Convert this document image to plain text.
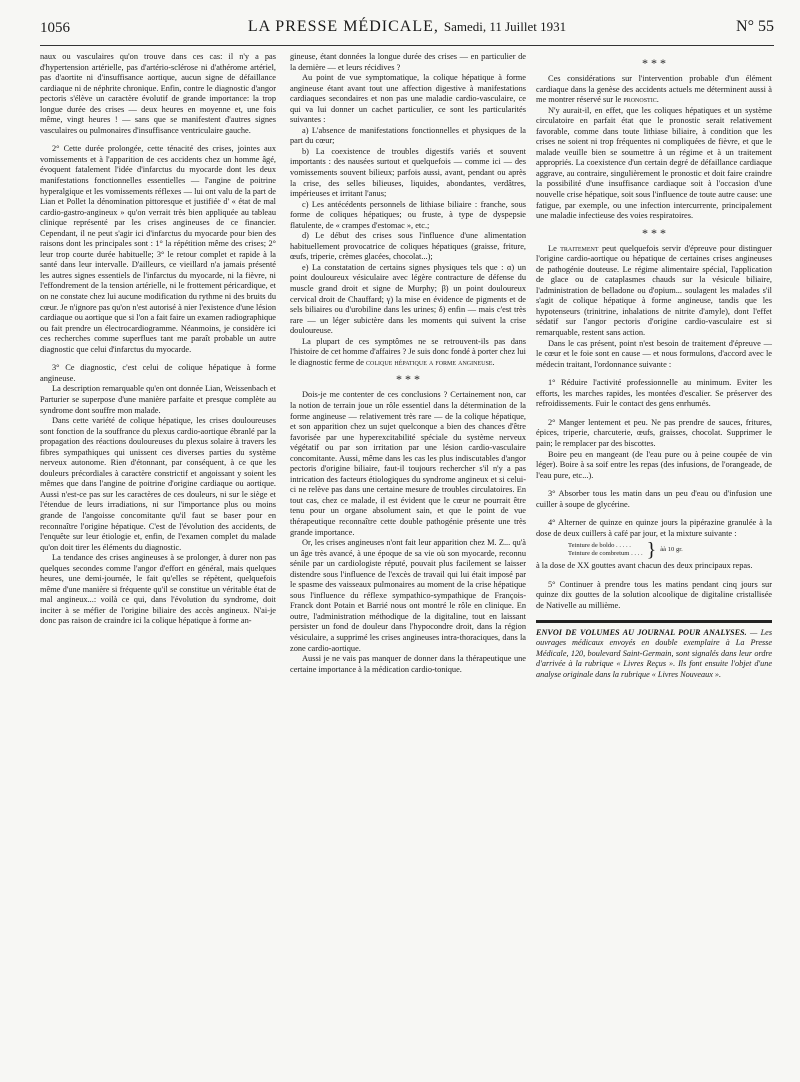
1056	LA PRESSE MÉDICALE, Samedi, 11 Juillet 1931	N° 55

naux ou vasculaires qu'on trouve dans ces cas: il n'y a pas d'hypertension artérielle, pas d'artério-sclérose ni d'athérome artériel, pas d'aortite ni d'insuffisance aortique, aucun signe de défaillance cardiaque ni de néphrite chronique. Enfin, contre le diagnostic d'angor pectoris s'élève un caractère évolutif de grande importance: la trop longue durée des crises — deux heures en moyenne et, une fois même, vingt heures ! — sans que se manifestent d'autres signes vasculaires ou pulmonaires d'insuffisance ventriculaire gauche.

2° Cette durée prolongée, cette ténacité des crises, jointes aux vomissements et à l'apparition de ces accidents chez un homme âgé, évoquent fatalement l'idée d'infarctus du myocarde dont les deux manifestations fonctionnelles essentielles — l'angine de poitrine hyperalgique et les vomissements réflexes — lui ont valu de la part de Lian et Pollet la dénomination pittoresque et justifiée d' « état de mal cardio-gastro-angineux » qu'on verrait très bien appliquée au tableau clinique représenté par les crises angineuses de ce financier. Cependant, il ne peut s'agir ici d'infarctus du myocarde pour bien des raisons dont les principales sont : 1° la répétition même des crises; 2° leur trop courte durée habituelle; 3° le retour complet et rapide à la santé dans leur intervalle. D'ailleurs, ce vieillard n'a jamais présenté les autres signes essentiels de l'infarctus du myocarde, ni la fièvre, ni l'effondrement de la tension artérielle, ni le frottement péricardique, et on ne constate chez lui aucune modification du rythme ni des bruits du cœur. Je n'ignore pas qu'on n'est autorisé à nier l'existence d'une lésion cardiaque ou aortique que si l'on a fait faire un examen radiographique ou fait prendre un électrocardiogramme. Néanmoins, je considère ici ces recherches comme superflues tant me paraît probable un autre diagnostic que celui d'infarctus du myocarde.

3° Ce diagnostic, c'est celui de colique hépatique à forme angineuse.

La description remarquable qu'en ont donnée Lian, Weissenbach et Parturier se superpose d'une manière parfaite et presque complète au syndrome dont souffre mon malade.

Dans cette variété de colique hépatique, les crises douloureuses sont fonction de la souffrance du plexus cardio-aortique ébranlé par la propagation des réactions douloureuses du plexus solaire à travers les fibres sympathiques qui unissent ces diverses parties du système nerveux autonome. Rien d'étonnant, par conséquent, à ce que les douleurs précordiales à caractère constrictif et angoissant y soient les mêmes que dans l'angine de poitrine d'origine cardiaque ou aortique. Aussi n'est-ce pas sur les caractères de ces douleurs, ni sur le siège et l'étendue de leurs irradiations, ni sur l'importance plus ou moins grande de l'angoisse concomitante qu'il faut se baser pour en reconnaître l'origine hépatique. C'est de l'évolution des accidents, de l'enquête sur leur étiologie et, enfin, de l'examen complet du malade qu'on doit tirer les éléments du diagnostic.

La tendance des crises angineuses à se prolonger, à durer non pas quelques secondes comme l'angor d'effort en général, mais quelques heures, une demi-journée, le fait qu'elles se répètent, quelquefois même d'une manière si fréquente qu'il se constitue un véritable état de mal angineux...: voilà ce qui, dans l'évolution du syndrome, doit inciter à se méfier de l'origine biliaire des accès angineux. N'ai-je donc pas raison de craindre ici la colique hépatique à forme an-

gineuse, étant données la longue durée des crises — en particulier de la dernière — et leurs récidives ?

Au point de vue symptomatique, la colique hépatique à forme angineuse étant avant tout une affection digestive à manifestations cardiaques secondaires et non pas une maladie cardio-vasculaire, ce qui va lui donner un cachet particulier, ce sont les particularités suivantes :

a) L'absence de manifestations fonctionnelles et physiques de la part du cœur;

b) La coexistence de troubles digestifs variés et souvent importants : des nausées surtout et quelquefois — comme ici — des vomissements souvent bilieux; parfois aussi, avant, pendant ou après la crise, des selles bilieuses, liquides, abondantes, verdâtres, impérieuses et irritant l'anus;

c) Les antécédents personnels de lithiase biliaire : franche, sous forme de coliques hépatiques; ou fruste, à type de dyspepsie flatulente, de « crampes d'estomac », etc.;

d) Le début des crises sous l'influence d'une alimentation habituellement provocatrice de coliques hépatiques (graisse, friture, œufs, triperie, crèmes glacées, chocolat...);

e) La constatation de certains signes physiques tels que : α) un point douloureux vésiculaire avec légère contracture de défense du muscle grand droit et signe de Murphy; β) un point douloureux cervical droit de Chauffard; γ) la mise en évidence de pigments et de sels biliaires ou d'urobiline dans les urines; δ) enfin — mais c'est très rare — un léger subictère dans les moments qui suivent la crise douloureuse.

La plupart de ces symptômes ne se retrouvent-ils pas dans l'histoire de cet homme d'affaires ? Je suis donc fondé à porter chez lui le diagnostic ferme de colique hépatique a forme angineuse.

* * *

Dois-je me contenter de ces conclusions ? Certainement non, car la notion de terrain joue un rôle essentiel dans la détermination de la forme angineuse — relativement très rare — de la colique hépatique, et son apparition chez un sujet quelconque a bien des chances d'être favorisée par une hyperexcitabilité spéciale du système nerveux végétatif ou par son irritation par une lésion cardio-vasculaire concomitante. Aussi, même dans les cas les plus indiscutables d'angor pectoris d'origine biliaire, faut-il toujours rechercher s'il n'y a pas intrication des facteurs étiologiques du syndrome angineux et si celui-ci ne relève pas dans une certaine mesure de troubles circulatoires. En tout cas, chez ce malade, il est évident que le cœur ne pourrait être tenu pour un organe absolument sain, et que le point de vue thérapeutique reconnaître cette double pathogénie présente une très grande importance.

Or, les crises angineuses n'ont fait leur apparition chez M. Z... qu'à un âge très avancé, à une époque de sa vie où son myocarde, reconnu sénile par un cardiologiste réputé, pouvait plus facilement se laisser distendre sous l'influence de l'excès de travail qui lui était imposé par le spasme des vaisseaux pulmonaires au moment de la crise hépatique sous l'influence du réflexe sympathico-sympathique de François-Franck dont Potain et Barrié nous ont montré le rôle en clinique. En outre, l'administration méthodique de la digitaline, tout en laissant persister un fond de douleur dans l'hypocondre droit, dans la région vésiculaire, a supprimé les crises angineuses intra-thoraciques, dans la zone cardio-aortique.

Aussi je ne vais pas manquer de donner dans la thérapeutique une certaine importance à la médication cardio-tonique.

* * *

Ces considérations sur l'intervention probable d'un élément cardiaque dans la genèse des accidents actuels me déterminent aussi à me montrer réservé sur le pronostic.

N'y aurait-il, en effet, que les coliques hépatiques et un système circulatoire en parfait état que le pronostic serait relativement favorable, comme dans toute lithiase biliaire, à condition que les crises ne soient ni trop fréquentes ni compliquées de fièvre, et que le malade veuille bien se soumettre à un régime et à un traitement appropriés. La coexistence d'un certain degré de défaillance cardiaque aggrave, au contraire, singulièrement le pronostic et doit faire craindre la possibilité d'une insuffisance cardiaque soit à l'occasion d'une nouvelle crise hépatique, soit sous l'influence de toute autre cause: une fatigue, par exemple, ou une infection intercurrente, principalement une maladie infectieuse des voies respiratoires.

* * *

Le traitement peut quelquefois servir d'épreuve pour distinguer l'origine cardio-aortique ou hépatique de certaines crises angineuses de pathogénie douteuse. Le régime alimentaire spécial, l'application de glace ou de cataplasmes chauds sur la vésicule biliaire, l'administration de belladone ou d'opium... soulagent les malades s'il s'agit de colique hépatique à forme angineuse, tandis que les hypotenseurs (trinitrine, inhalations de nitrite d'amyle), dont l'effet sédatif sur l'angor pectoris d'origine cardio-vasculaire est si remarquable, restent sans action.

Dans le cas présent, point n'est besoin de traitement d'épreuve — le cœur et le foie sont en cause — et nous formulons, d'accord avec le médecin traitant, l'ordonnance suivante :

1° Réduire l'activité professionnelle au minimum. Eviter les efforts, les marches rapides, les montées d'escalier. Se préserver des refroidissements. Fuir le contact des gens enrhumés.

2° Manger lentement et peu. Ne pas prendre de sauces, fritures, épices, triperie, charcuterie, œufs, graisses, chocolat. Supprimer le pain; le remplacer par des biscottes.

Boire peu en mangeant (de l'eau pure ou à peine coupée de vin léger). Boire à sa soif entre les repas (des infusions, de l'orangeade, de l'eau pure, etc...).

3° Absorber tous les matin dans un peu d'eau ou d'infusion une cuiller à soupe de glycérine.

4° Alterner de quinze en quinze jours la pipérazine granulée à la dose de deux cuillers à café par jour, et la mixture suivante :

Teinture de boldo . . . . .	}	àà 10 gr.
Teinture de combretum . . . .

à la dose de XX gouttes avant chacun des deux principaux repas.

5° Continuer à prendre tous les matins pendant cinq jours sur quinze dix gouttes de la solution alcoolique de digitaline cristallisée de Nativelle au millième.

ENVOI DE VOLUMES AU JOURNAL POUR ANALYSES. — Les ouvrages médicaux envoyés en double exemplaire à La Presse Médicale, 120, boulevard Saint-Germain, sont signalés dans leur ordre d'arrivée à la rubrique « Livres Reçus ». Ils font ensuite l'objet d'une analyse originale dans la rubrique « Livres Nouveaux ».
